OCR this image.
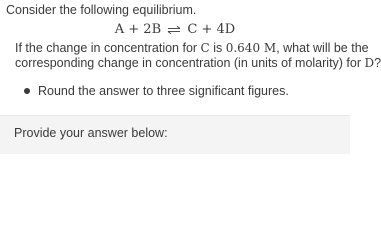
Consider the following equilibrium.
A + 2B ⇌ C + 4D
If the change in concentration for C is 0.640 M, what will be the
corresponding change in concentration (in units of molarity) for D?
Round the answer to three significant figures.
Provide your answer below:
